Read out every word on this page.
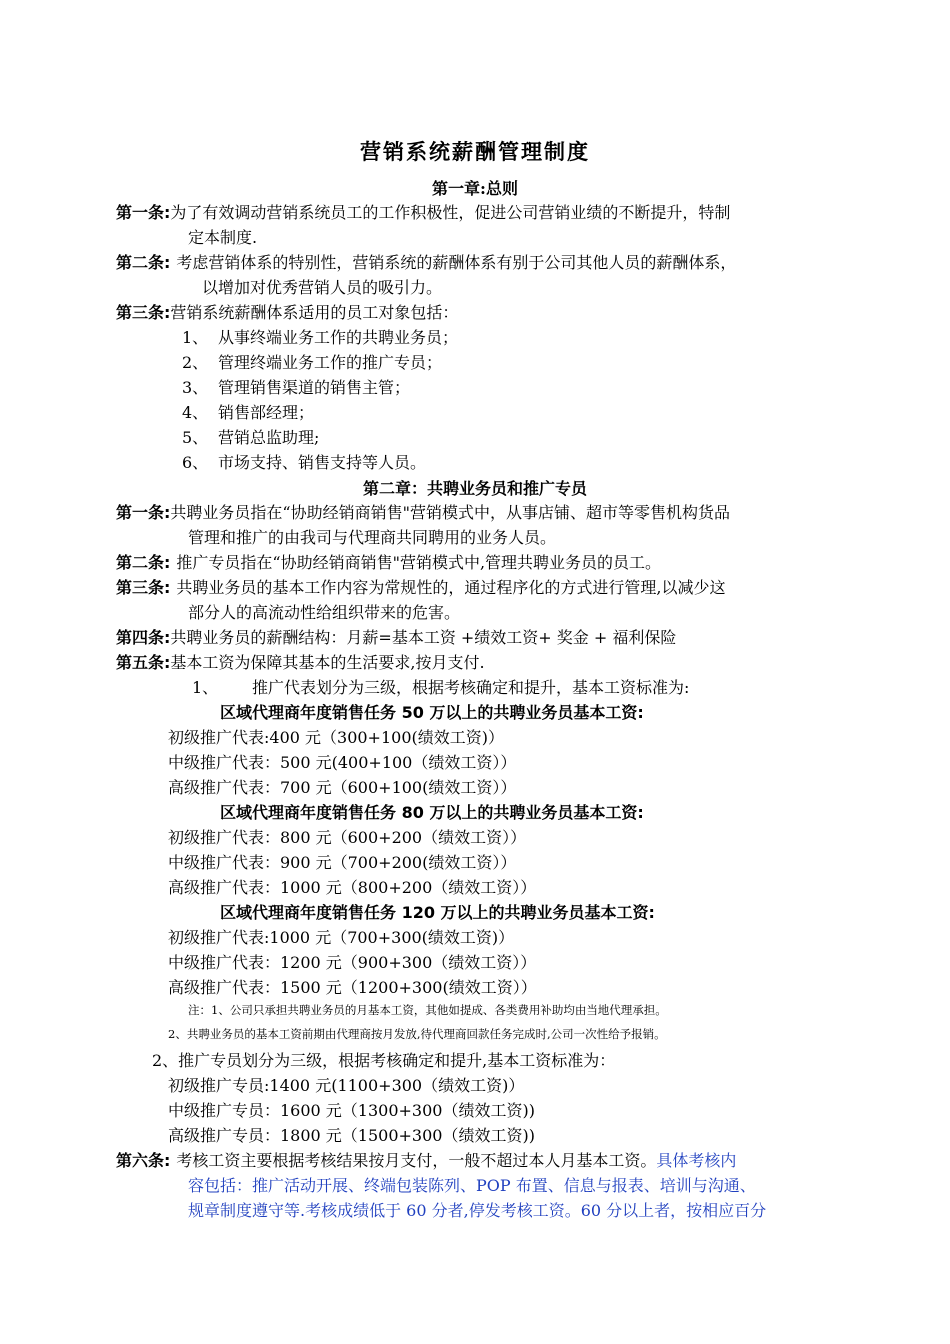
营销系统薪酬管理制度
第一章:总则
第一条:为了有效调动营销系统员工的工作积极性，促进公司营销业绩的不断提升，特制
定本制度.
第二条: 考虑营销体系的特别性，营销系统的薪酬体系有别于公司其他人员的薪酬体系，
以增加对优秀营销人员的吸引力。
第三条:营销系统薪酬体系适用的员工对象包括：
1、 从事终端业务工作的共聘业务员；
2、 管理终端业务工作的推广专员；
3、 管理销售渠道的销售主管；
4、 销售部经理；
5、 营销总监助理;
6、 市场支持、销售支持等人员。
第二章：共聘业务员和推广专员
第一条:共聘业务员指在“协助经销商销售"营销模式中，从事店铺、超市等零售机构货品
管理和推广的由我司与代理商共同聘用的业务人员。
第二条: 推广专员指在“协助经销商销售"营销模式中,管理共聘业务员的员工。
第三条: 共聘业务员的基本工作内容为常规性的，通过程序化的方式进行管理,以减少这
部分人的高流动性给组织带来的危害。
第四条:共聘业务员的薪酬结构：月薪=基本工资 +绩效工资+ 奖金 + 福利保险
第五条:基本工资为保障其基本的生活要求,按月支付.
1、 推广代表划分为三级，根据考核确定和提升，基本工资标准为:
区域代理商年度销售任务 50 万以上的共聘业务员基本工资:
初级推广代表:400 元（300+100(绩效工资)）
中级推广代表：500 元(400+100（绩效工资））
高级推广代表：700 元（600+100(绩效工资））
区域代理商年度销售任务 80 万以上的共聘业务员基本工资:
初级推广代表：800 元（600+200（绩效工资））
中级推广代表：900 元（700+200(绩效工资））
高级推广代表：1000 元（800+200（绩效工资））
区域代理商年度销售任务 120 万以上的共聘业务员基本工资:
初级推广代表:1000 元（700+300(绩效工资)）
中级推广代表：1200 元（900+300（绩效工资））
高级推广代表：1500 元（1200+300(绩效工资））
注：1、公司只承担共聘业务员的月基本工资，其他如提成、各类费用补助均由当地代理承担。
2、共聘业务员的基本工资前期由代理商按月发放,待代理商回款任务完成时,公司一次性给予报销。
2、推广专员划分为三级，根据考核确定和提升,基本工资标准为：
初级推广专员:1400 元(1100+300（绩效工资)）
中级推广专员：1600 元（1300+300（绩效工资))
高级推广专员：1800 元（1500+300（绩效工资))
第六条: 考核工资主要根据考核结果按月支付，一般不超过本人月基本工资。具体考核内
容包括：推广活动开展、终端包装陈列、POP 布置、信息与报表、培训与沟通、
规章制度遵守等.考核成绩低于 60 分者,停发考核工资。60 分以上者，按相应百分
